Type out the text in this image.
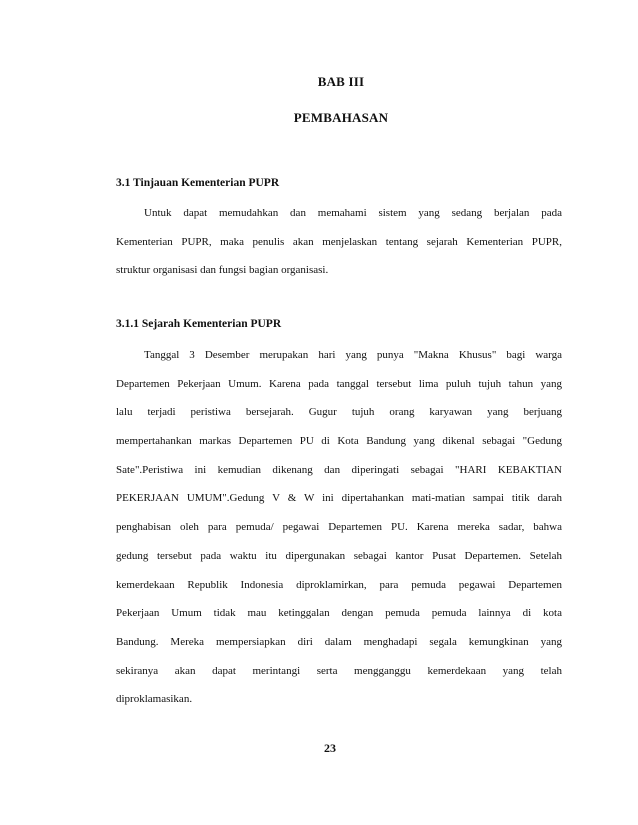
BAB III
PEMBAHASAN
3.1 Tinjauan Kementerian PUPR
Untuk dapat memudahkan dan memahami sistem yang sedang berjalan pada
Kementerian PUPR, maka penulis akan menjelaskan tentang sejarah Kementerian PUPR,
struktur organisasi dan fungsi bagian organisasi.
3.1.1 Sejarah Kementerian PUPR
Tanggal 3 Desember merupakan hari yang punya "Makna Khusus" bagi warga
Departemen Pekerjaan Umum. Karena pada tanggal tersebut lima puluh tujuh tahun yang
lalu terjadi peristiwa bersejarah. Gugur tujuh orang karyawan yang berjuang
mempertahankan markas Departemen PU di Kota Bandung yang dikenal sebagai "Gedung
Sate".Peristiwa ini kemudian dikenang dan diperingati sebagai "HARI KEBAKTIAN
PEKERJAAN UMUM".Gedung V & W ini dipertahankan mati-matian sampai titik darah
penghabisan oleh para pemuda/ pegawai Departemen PU. Karena mereka sadar, bahwa
gedung tersebut pada waktu itu dipergunakan sebagai kantor Pusat Departemen. Setelah
kemerdekaan Republik Indonesia diproklamirkan, para pemuda pegawai Departemen
Pekerjaan Umum tidak mau ketinggalan dengan pemuda pemuda lainnya di kota
Bandung. Mereka mempersiapkan diri dalam menghadapi segala kemungkinan yang
sekiranya akan dapat merintangi serta mengganggu kemerdekaan yang telah
diproklamasikan.
23
